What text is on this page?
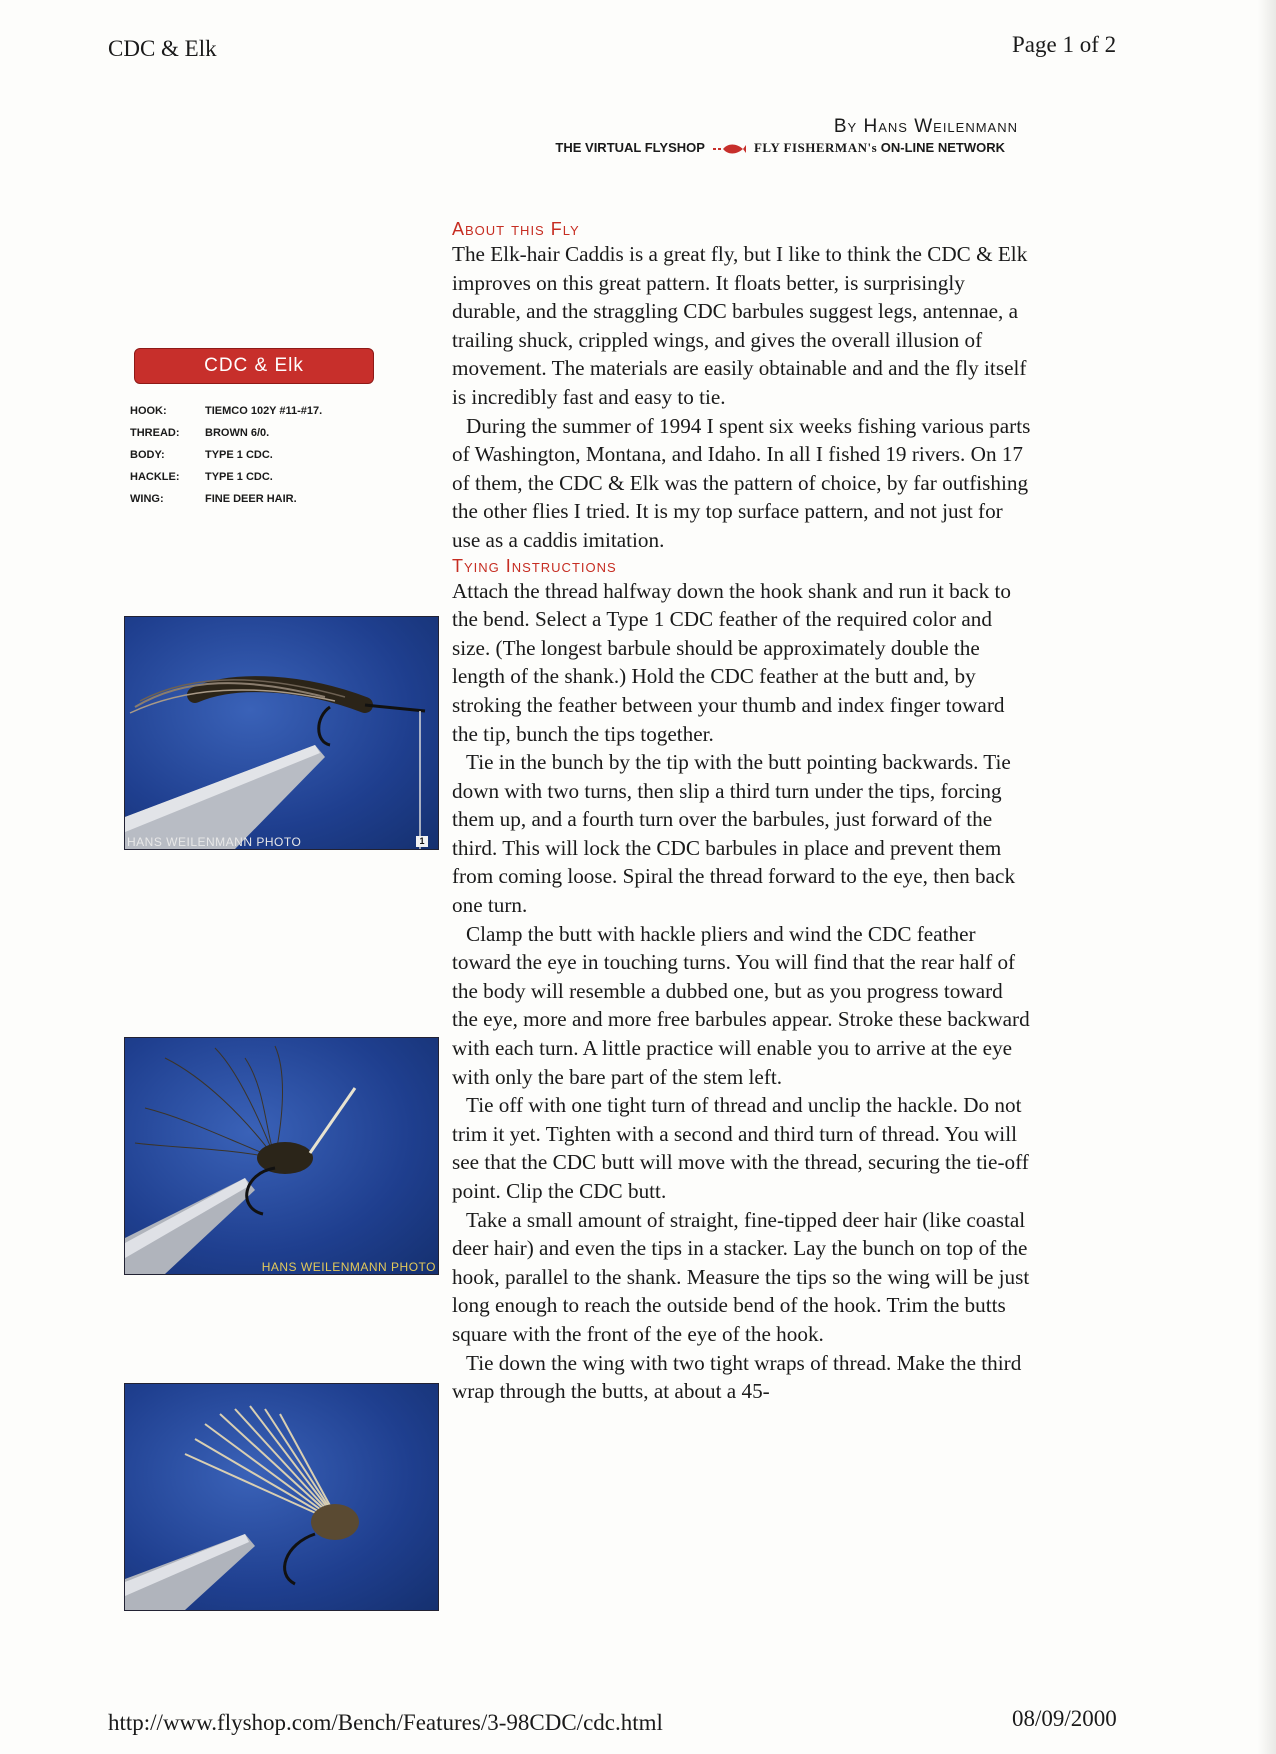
CDC & Elk	Page 1 of 2
By Hans Weilenmann
THE VIRTUAL FLYSHOP	FLY FISHERMAN's ON-LINE NETWORK
CDC & Elk
HOOK:	TIEMCO 102Y #11-#17.
THREAD:	BROWN 6/0.
BODY:	TYPE 1 CDC.
HACKLE:	TYPE 1 CDC.
WING:	FINE DEER HAIR.
HANS WEILENMANN PHOTO	1
HANS WEILENMANN PHOTO
About this Fly

The Elk-hair Caddis is a great fly, but I like to think the CDC & Elk improves on this great pattern. It floats better, is surprisingly durable, and the straggling CDC barbules suggest legs, antennae, a trailing shuck, crippled wings, and gives the overall illusion of movement. The materials are easily obtainable and and the fly itself is incredibly fast and easy to tie.

During the summer of 1994 I spent six weeks fishing various parts of Washington, Montana, and Idaho. In all I fished 19 rivers. On 17 of them, the CDC & Elk was the pattern of choice, by far outfishing the other flies I tried. It is my top surface pattern, and not just for use as a caddis imitation.

Tying Instructions

Attach the thread halfway down the hook shank and run it back to the bend. Select a Type 1 CDC feather of the required color and size. (The longest barbule should be approximately double the length of the shank.) Hold the CDC feather at the butt and, by stroking the feather between your thumb and index finger toward the tip, bunch the tips together.

Tie in the bunch by the tip with the butt pointing backwards. Tie down with two turns, then slip a third turn under the tips, forcing them up, and a fourth turn over the barbules, just forward of the third. This will lock the CDC barbules in place and prevent them from coming loose. Spiral the thread forward to the eye, then back one turn.

Clamp the butt with hackle pliers and wind the CDC feather toward the eye in touching turns. You will find that the rear half of the body will resemble a dubbed one, but as you progress toward the eye, more and more free barbules appear. Stroke these backward with each turn. A little practice will enable you to arrive at the eye with only the bare part of the stem left.

Tie off with one tight turn of thread and unclip the hackle. Do not trim it yet. Tighten with a second and third turn of thread. You will see that the CDC butt will move with the thread, securing the tie-off point. Clip the CDC butt.

Take a small amount of straight, fine-tipped deer hair (like coastal deer hair) and even the tips in a stacker. Lay the bunch on top of the hook, parallel to the shank. Measure the tips so the wing will be just long enough to reach the outside bend of the hook. Trim the butts square with the front of the eye of the hook.

Tie down the wing with two tight wraps of thread. Make the third wrap through the butts, at about a 45-

http://www.flyshop.com/Bench/Features/3-98CDC/cdc.html	08/09/2000
